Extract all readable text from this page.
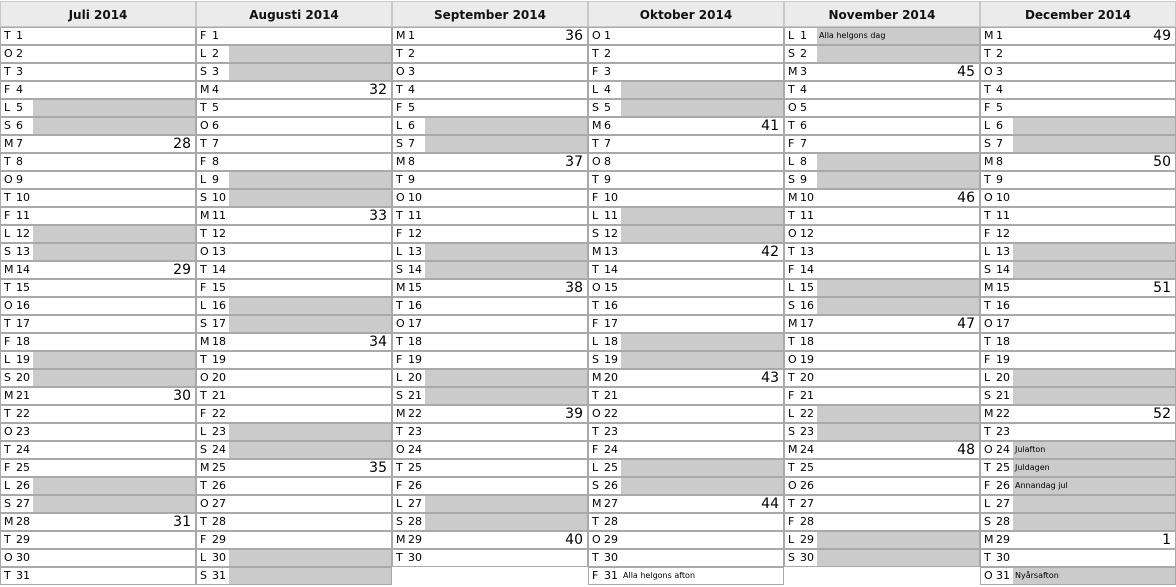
Juli 2014
T 1
O 2
T 3
F 4
L 5
S 6
M 7	28
T 8
O 9
T 10
F 11
L 12
S 13
M 14	29
T 15
O 16
T 17
F 18
L 19
S 20
M 21	30
T 22
O 23
T 24
F 25
L 26
S 27
M 28	31
T 29
O 30
T 31
Augusti 2014
F 1
L 2
S 3
M 4	32
T 5
O 6
T 7
F 8
L 9
S 10
M 11	33
T 12
O 13
T 14
F 15
L 16
S 17
M 18	34
T 19
O 20
T 21
F 22
L 23
S 24
M 25	35
T 26
O 27
T 28
F 29
L 30
S 31
September 2014
M 1	36
T 2
O 3
T 4
F 5
L 6
S 7
M 8	37
T 9
O 10
T 11
F 12
L 13
S 14
M 15	38
T 16
O 17
T 18
F 19
L 20
S 21
M 22	39
T 23
O 24
T 25
F 26
L 27
S 28
M 29	40
T 30
Oktober 2014
O 1
T 2
F 3
L 4
S 5
M 6	41
T 7
O 8
T 9
F 10
L 11
S 12
M 13	42
T 14
O 15
T 16
F 17
L 18
S 19
M 20	43
T 21
O 22
T 23
F 24
L 25
S 26
M 27	44
T 28
O 29
T 30
F 31 Alla helgons afton
November 2014
L 1	Alla helgons dag
S 2
M 3	45
T 4
O 5
T 6
F 7
L 8
S 9
M 10	46
T 11
O 12
T 13
F 14
L 15
S 16
M 17	47
T 18
O 19
T 20
F 21
L 22
S 23
M 24	48
T 25
O 26
T 27
F 28
L 29
S 30
December 2014
M 1	49
T 2
O 3
T 4
F 5
L 6
S 7
M 8	50
T 9
O 10
T 11
F 12
L 13
S 14
M 15	51
T 16
O 17
T 18
F 19
L 20
S 21
M 22	52
T 23
O 24 Julafton
T 25 Juldagen
F 26 Annandag jul
L 27
S 28
M 29	1
T 30
O 31 Nyårsafton
